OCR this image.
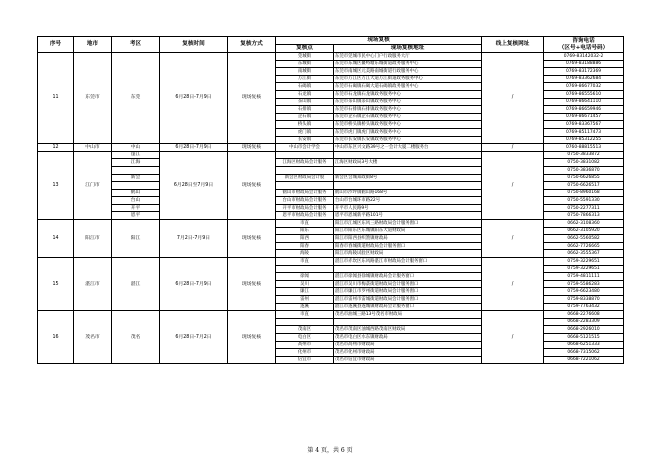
序号	地市	考区	复核时间	复核方式	现场复核		线上复核网址	咨询电话
（区号+电话号码）
					复核点	现场复核地址		
11	东莞市	东莞	6月28日-7月9日	现场复核	莞城街	东莞市莞城市民中心门户行政服务大厅	/	0769-83142032-2
					东城街	东莞市东城区鳌峙塘东城街道政务服务中心		0769-83188886
					南城街	东莞市南城区元美路南城街道行政服务中心		0769-83172369
					万江街	东莞市万江区万江大道万江街道政务服务中心		0769-83362684
					石碣镇	东莞市石碣镇石碣大道石碣镇政务服务中心		0769-86677032
					石龙镇	东莞市石龙镇石龙镇政务服务中心		0769-86555610
					茶山镇	东莞市茶山镇茶山镇政务服务中心		0769-86641110
					石排镇	东莞市石排镇石排镇政务服务中心		0769-86659946
					企石镇	东莞市企石镇企石镇政务服务中心		0769-86671457
					桥头镇	东莞市桥头镇桥头镇政务服务中心		0769-83367567
					虎门镇	东莞市虎门镇虎门镇政务服务中心		0769-85117473
					长安镇	东莞市长安镇长安镇政务服务中心		0769-85312255
12	中山市	中山	6月28日-7月9日	现场复核	中山市会计学会	中山市东区兴文路39号之一会计大厦二楼服务台	/	0760-88815513
13	江门市	蓬江	6月28日至7月9日	现场复核			/	0750-3833872
		江海			江海区财政局会计服务	江海区财政局3号大楼		0750-3831082
								0750-3836870
		新会			新会区财政局会计股	新会区会城知政街8号		0750-6626855
								0750-6626517
		鹤山			鹤山市财政局会计服务	鹤山市沙坪镇鹤山路168号		0750-8960168
		台山			台山市财政局会计服务	台山市台城环市路22号		0750-5591330
		开平			开平市财政局会计服务	开平市人民路9号		0750-2277311
		恩平			恩平市财政局会计服务	恩平市恩城新平路101号		0750-7866313
14	阳江市	阳江	7月2日-7月9日	现场复核	市直	阳江市江城区东风三路财政局会计服务窗口	/	0662-3108360
					阳东	阳江市阳东区东城镇阳东大道财政局		0662-3105920
					阳西	阳江市阳西县织箦镇财政局		0662-5560582
					阳春	阳春市春城街道财政局会计服务窗口		0662-7726665
					海陵	阳江市海陵试验区财政局		0662-3555367
15	湛江市	湛江	6月28日-7月9日	现场复核	市直	湛江市赤坎区东风路湛江市财政局会计服务窗口	/	0759-3229651
								0759-3229651
					徐闻	湛江市徐闻县徐城镇财政局会计服务窗口		0759-4811111
					吴川	湛江市吴川市梅菉街道财政局会计服务窗口		0759-5586283
					廉江	湛江市廉江市罗州街道财政局会计服务窗口		0759-6623480
					雷州	湛江市雷州市雷城街道财政局会计服务窗口		0759-8338870
					遂溪	湛江市遂溪县遂城镇财政局会计服务窗口		0759-7763432
16	茂名市	茂名	6月28日-7月2日	现场复核	市直	茂名市油城三路13号茂名市财政局	/	0668-2276608
								0668-2283309
					茂南区	茂名市茂南区油城西路茂南区财政局		0668-2926010
					电白区	茂名市电白区水东镇财政局		0668-5121515
					高州市	茂名市高州市财政局		0668-6251333
					化州市	茂名市化州市财政局		0668-7315062
					信宜市	茂名市信宜市财政局		0668-7221062
第 4 页，共 6 页
